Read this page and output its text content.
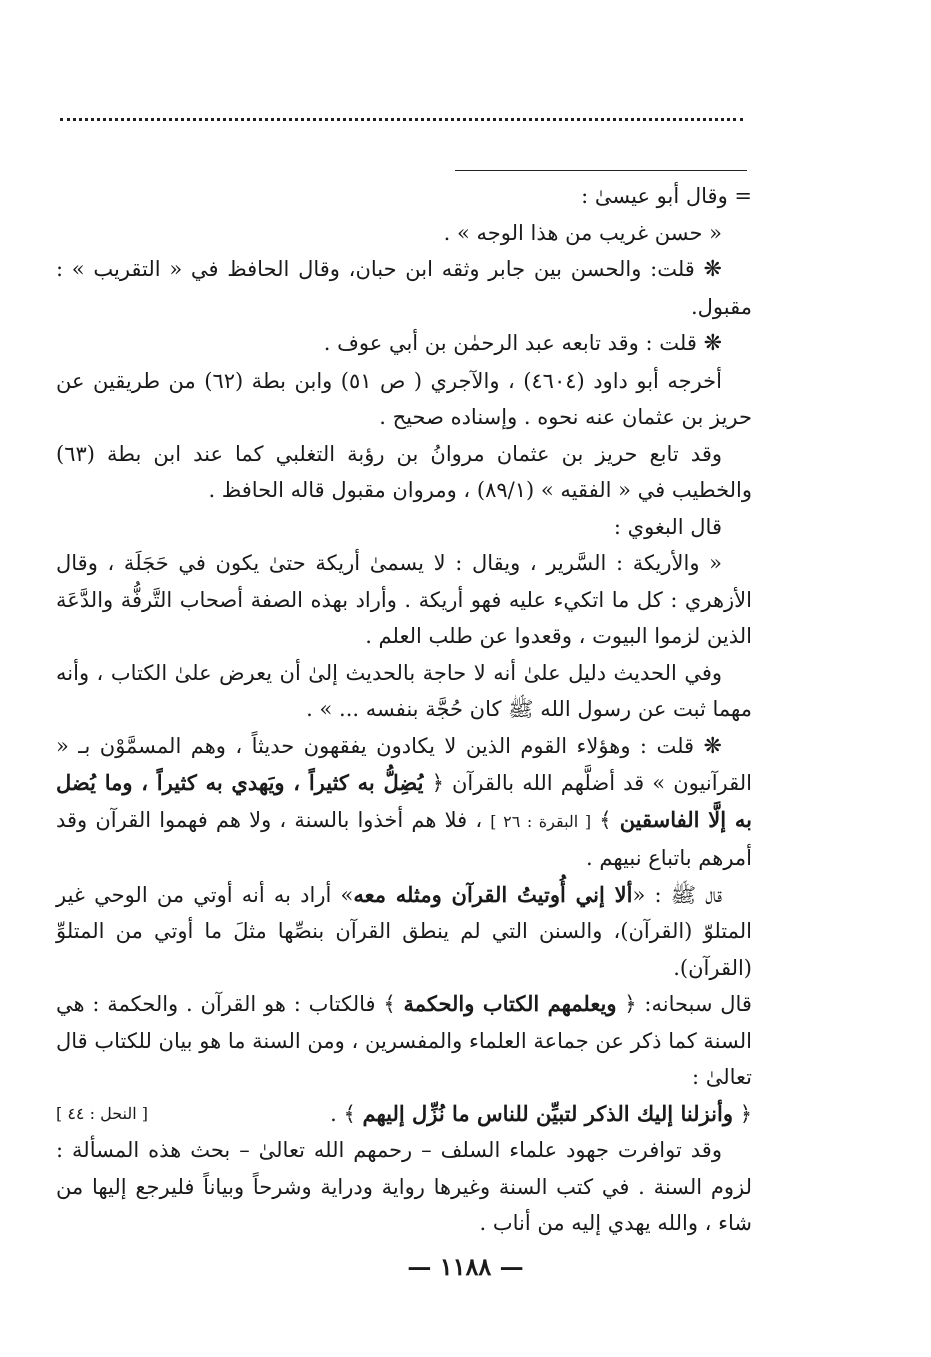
= وقال أبو عيسىٰ :

« حسن غريب من هذا الوجه » .

❋ قلت: والحسن بين جابر وثقه ابن حبان، وقال الحافظ في « التقريب » : مقبول.

❋ قلت : وقد تابعه عبد الرحمٰن بن أبي عوف .

أخرجه أبو داود (٤٦٠٤) ، والآجري ( ص ٥١) وابن بطة (٦٢) من طريقين عن حريز بن عثمان عنه نحوه . وإسناده صحيح .

وقد تابع حريز بن عثمان مروانُ بن رؤبة التغلبي كما عند ابن بطة (٦٣) والخطيب في « الفقيه » (٨٩/١) ، ومروان مقبول قاله الحافظ .

قال البغوي :

« والأريكة : السَّرير ، ويقال : لا يسمىٰ أريكة حتىٰ يكون في حَجَلَة ، وقال الأزهري : كل ما اتكيء عليه فهو أريكة . وأراد بهذه الصفة أصحاب التَّرفُّة والدَّعَة الذين لزموا البيوت ، وقعدوا عن طلب العلم .

وفي الحديث دليل علىٰ أنه لا حاجة بالحديث إلىٰ أن يعرض علىٰ الكتاب ، وأنه مهما ثبت عن رسول الله ﷺ كان حُجَّة بنفسه ... » .

❋ قلت : وهؤلاء القوم الذين لا يكادون يفقهون حديثاً ، وهم المسمَّوْن بـ « القرآنيون » قد أضلَّهم الله بالقرآن ﴿ يُضِلُّ به كثيراً ، ويَهدي به كثيراً ، وما يُضل به إلَّا الفاسقين ﴾ [ البقرة : ٢٦ ] ، فلا هم أخذوا بالسنة ، ولا هم فهموا القرآن وقد أمرهم باتباع نبيهم .

قال ﷺ : «ألا إني أُوتيتُ القرآن ومثله معه» أراد به أنه أوتي من الوحي غير المتلوّ (القرآن)، والسنن التي لم ينطق القرآن بنصِّها مثلَ ما أوتي من المتلوِّ (القرآن).

قال سبحانه: ﴿ ويعلمهم الكتاب والحكمة ﴾ فالكتاب : هو القرآن . والحكمة : هي السنة كما ذكر عن جماعة العلماء والمفسرين ، ومن السنة ما هو بيان للكتاب قال تعالىٰ :

﴿ وأنزلنا إليك الذكر لتبيِّن للناس ما نُزِّل إليهم ﴾ .
[ النحل : ٤٤ ]

وقد توافرت جهود علماء السلف – رحمهم الله تعالىٰ – بحث هذه المسألة : لزوم السنة . في كتب السنة وغيرها رواية ودراية وشرحاً وبياناً فليرجع إليها من شاء ، والله يهدي إليه من أناب .

— ١١٨٨ —
